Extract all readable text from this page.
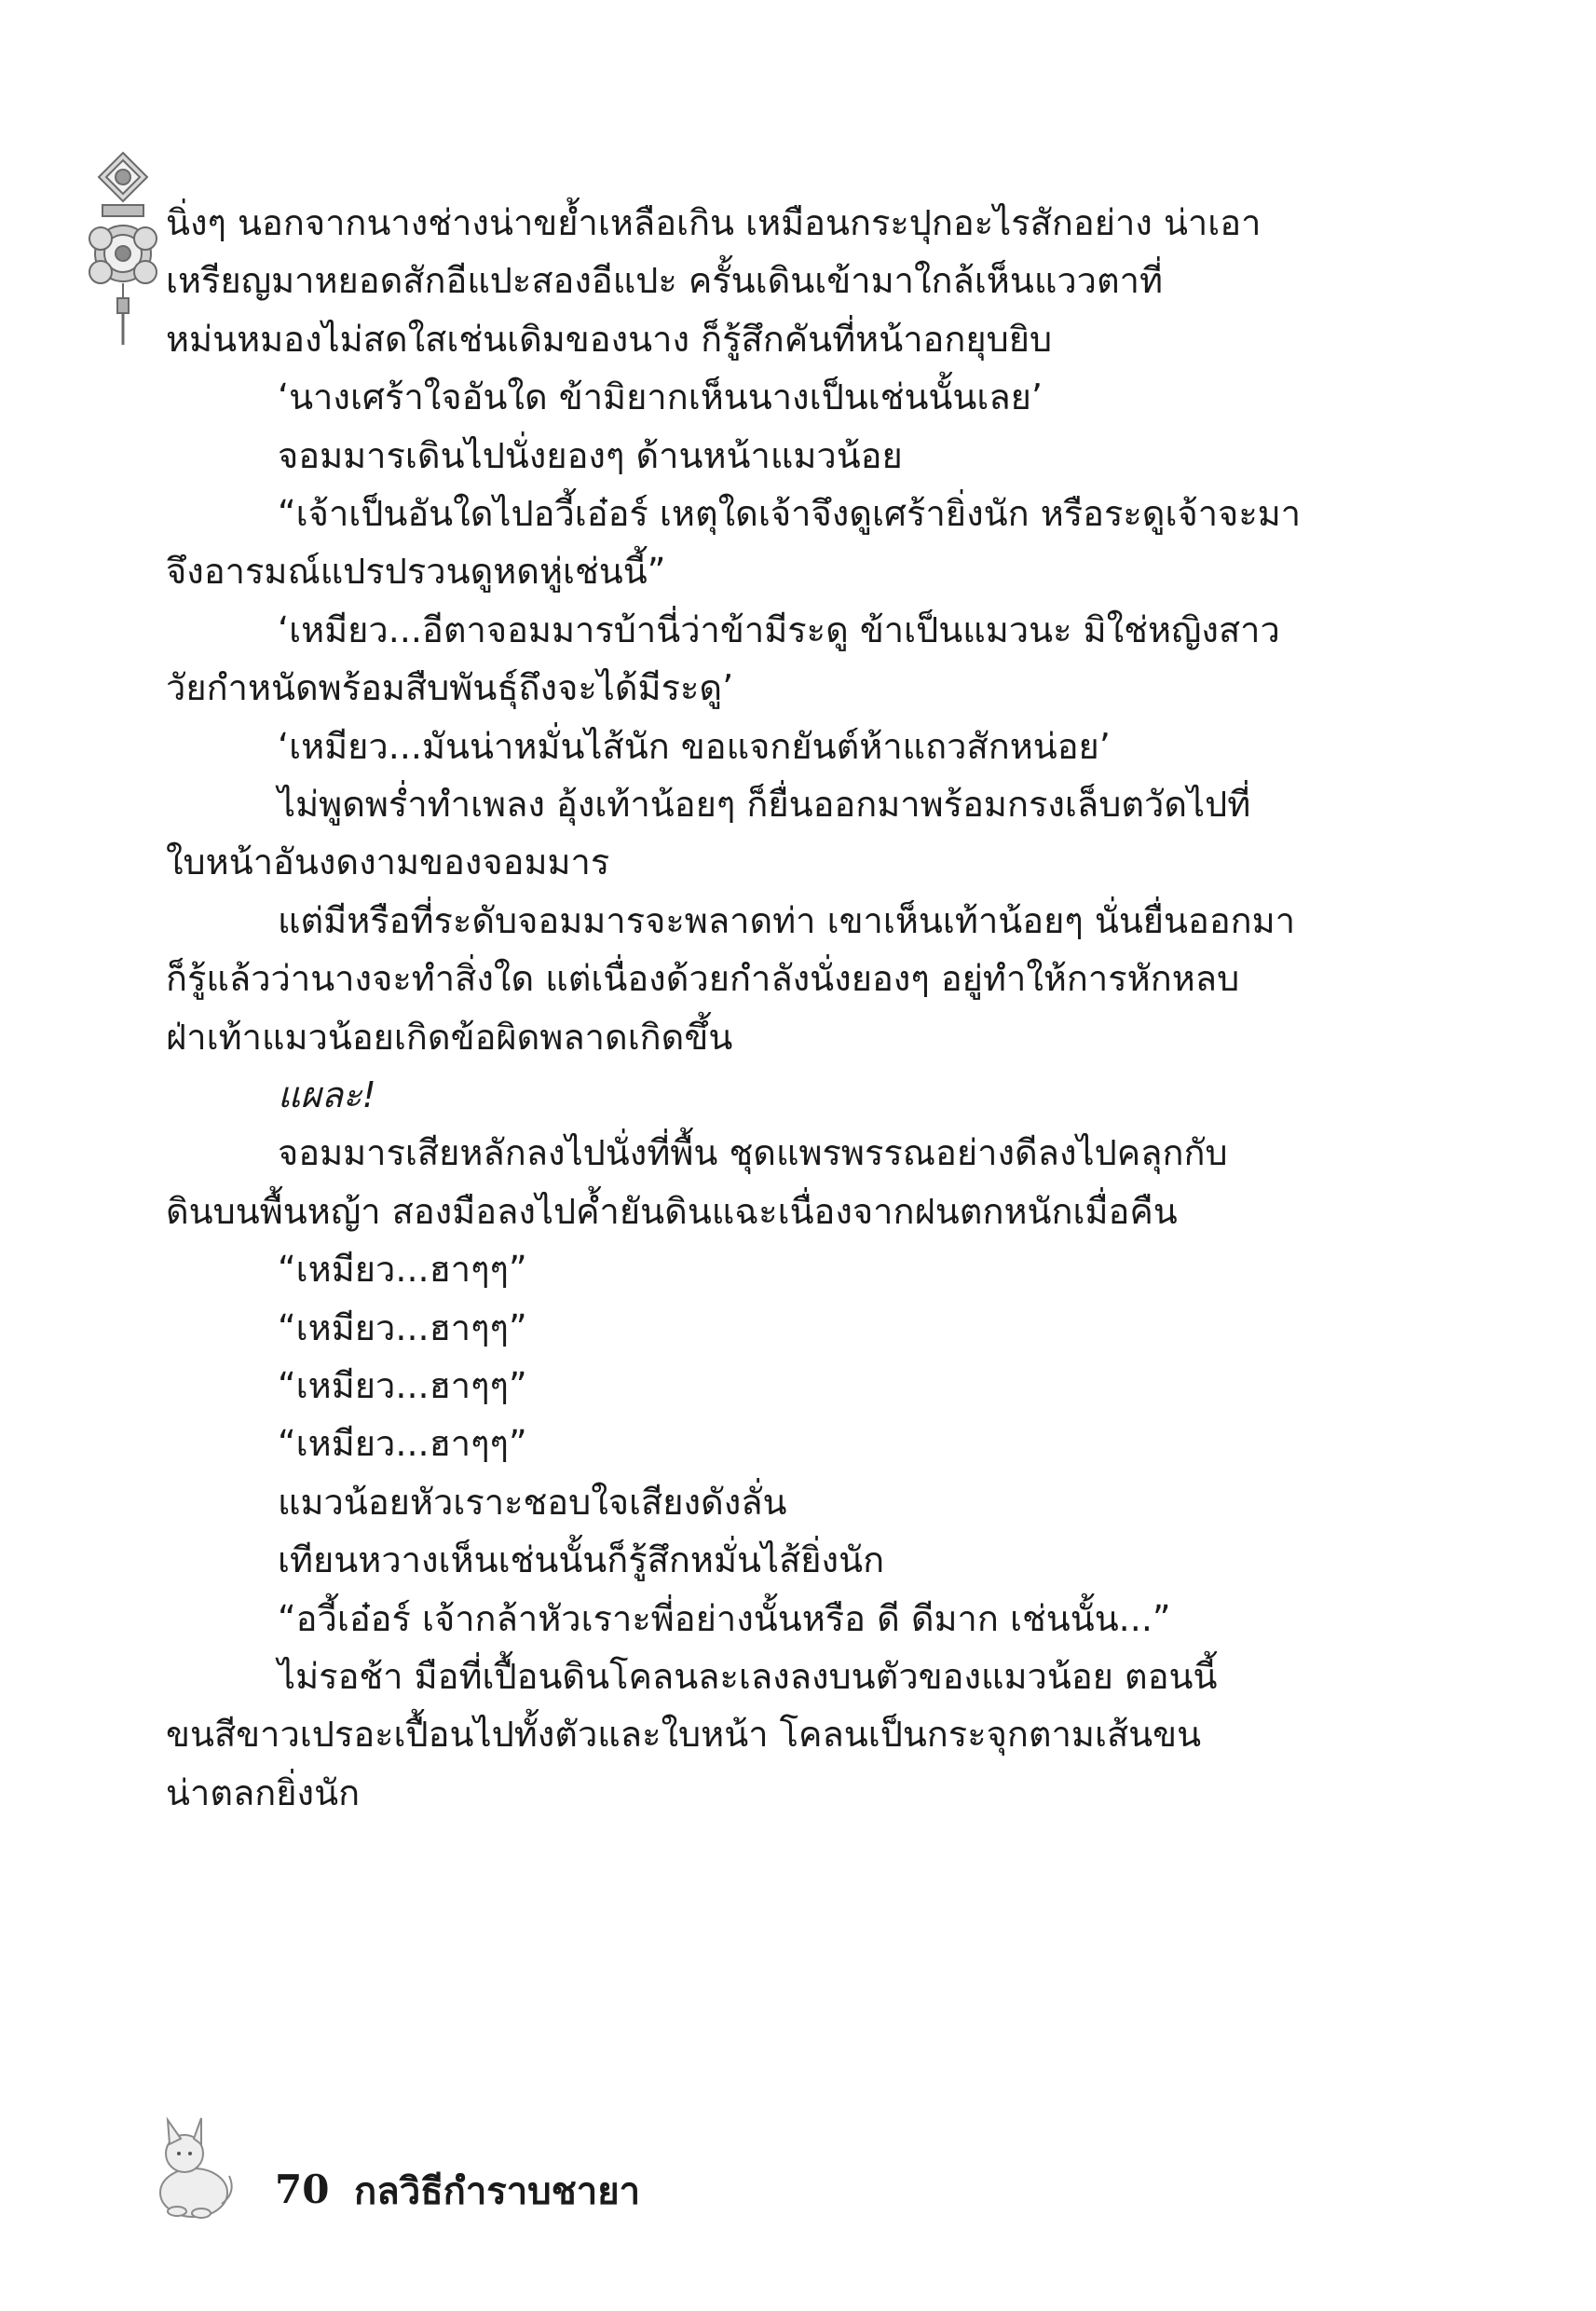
นิ่งๆ นอกจากนางช่างน่าขย้ำเหลือเกิน เหมือนกระปุกอะไรสักอย่าง น่าเอา
เหรียญมาหยอดสักอีแปะสองอีแปะ ครั้นเดินเข้ามาใกล้เห็นแววตาที่
หม่นหมองไม่สดใสเช่นเดิมของนาง ก็รู้สึกคันที่หน้าอกยุบยิบ
‘นางเศร้าใจอันใด ข้ามิยากเห็นนางเป็นเช่นนั้นเลย’
จอมมารเดินไปนั่งยองๆ ด้านหน้าแมวน้อย
“เจ้าเป็นอันใดไปอวี้เอ๋อร์ เหตุใดเจ้าจึงดูเศร้ายิ่งนัก หรือระดูเจ้าจะมา
จึงอารมณ์แปรปรวนดูหดหู่เช่นนี้”
‘เหมียว...อีตาจอมมารบ้านี่ว่าข้ามีระดู ข้าเป็นแมวนะ มิใช่หญิงสาว
วัยกำหนัดพร้อมสืบพันธุ์ถึงจะได้มีระดู’
‘เหมียว...มันน่าหมั่นไส้นัก ขอแจกยันต์ห้าแถวสักหน่อย’
ไม่พูดพร่ำทำเพลง อุ้งเท้าน้อยๆ ก็ยื่นออกมาพร้อมกรงเล็บตวัดไปที่
ใบหน้าอันงดงามของจอมมาร
แต่มีหรือที่ระดับจอมมารจะพลาดท่า เขาเห็นเท้าน้อยๆ นั่นยื่นออกมา
ก็รู้แล้วว่านางจะทำสิ่งใด แต่เนื่องด้วยกำลังนั่งยองๆ อยู่ทำให้การหักหลบ
ฝ่าเท้าแมวน้อยเกิดข้อผิดพลาดเกิดขึ้น
แผละ!
จอมมารเสียหลักลงไปนั่งที่พื้น ชุดแพรพรรณอย่างดีลงไปคลุกกับ
ดินบนพื้นหญ้า สองมือลงไปค้ำยันดินแฉะเนื่องจากฝนตกหนักเมื่อคืน
“เหมียว...ฮาๆๆ”
“เหมียว...ฮาๆๆ”
“เหมียว...ฮาๆๆ”
“เหมียว...ฮาๆๆ”
แมวน้อยหัวเราะชอบใจเสียงดังลั่น
เทียนหวางเห็นเช่นนั้นก็รู้สึกหมั่นไส้ยิ่งนัก
“อวี้เอ๋อร์ เจ้ากล้าหัวเราะพี่อย่างนั้นหรือ ดี ดีมาก เช่นนั้น...”
ไม่รอช้า มือที่เปื้อนดินโคลนละเลงลงบนตัวของแมวน้อย ตอนนี้
ขนสีขาวเปรอะเปื้อนไปทั้งตัวและใบหน้า โคลนเป็นกระจุกตามเส้นขน
น่าตลกยิ่งนัก
70 กลวิธีกำราบชายา
